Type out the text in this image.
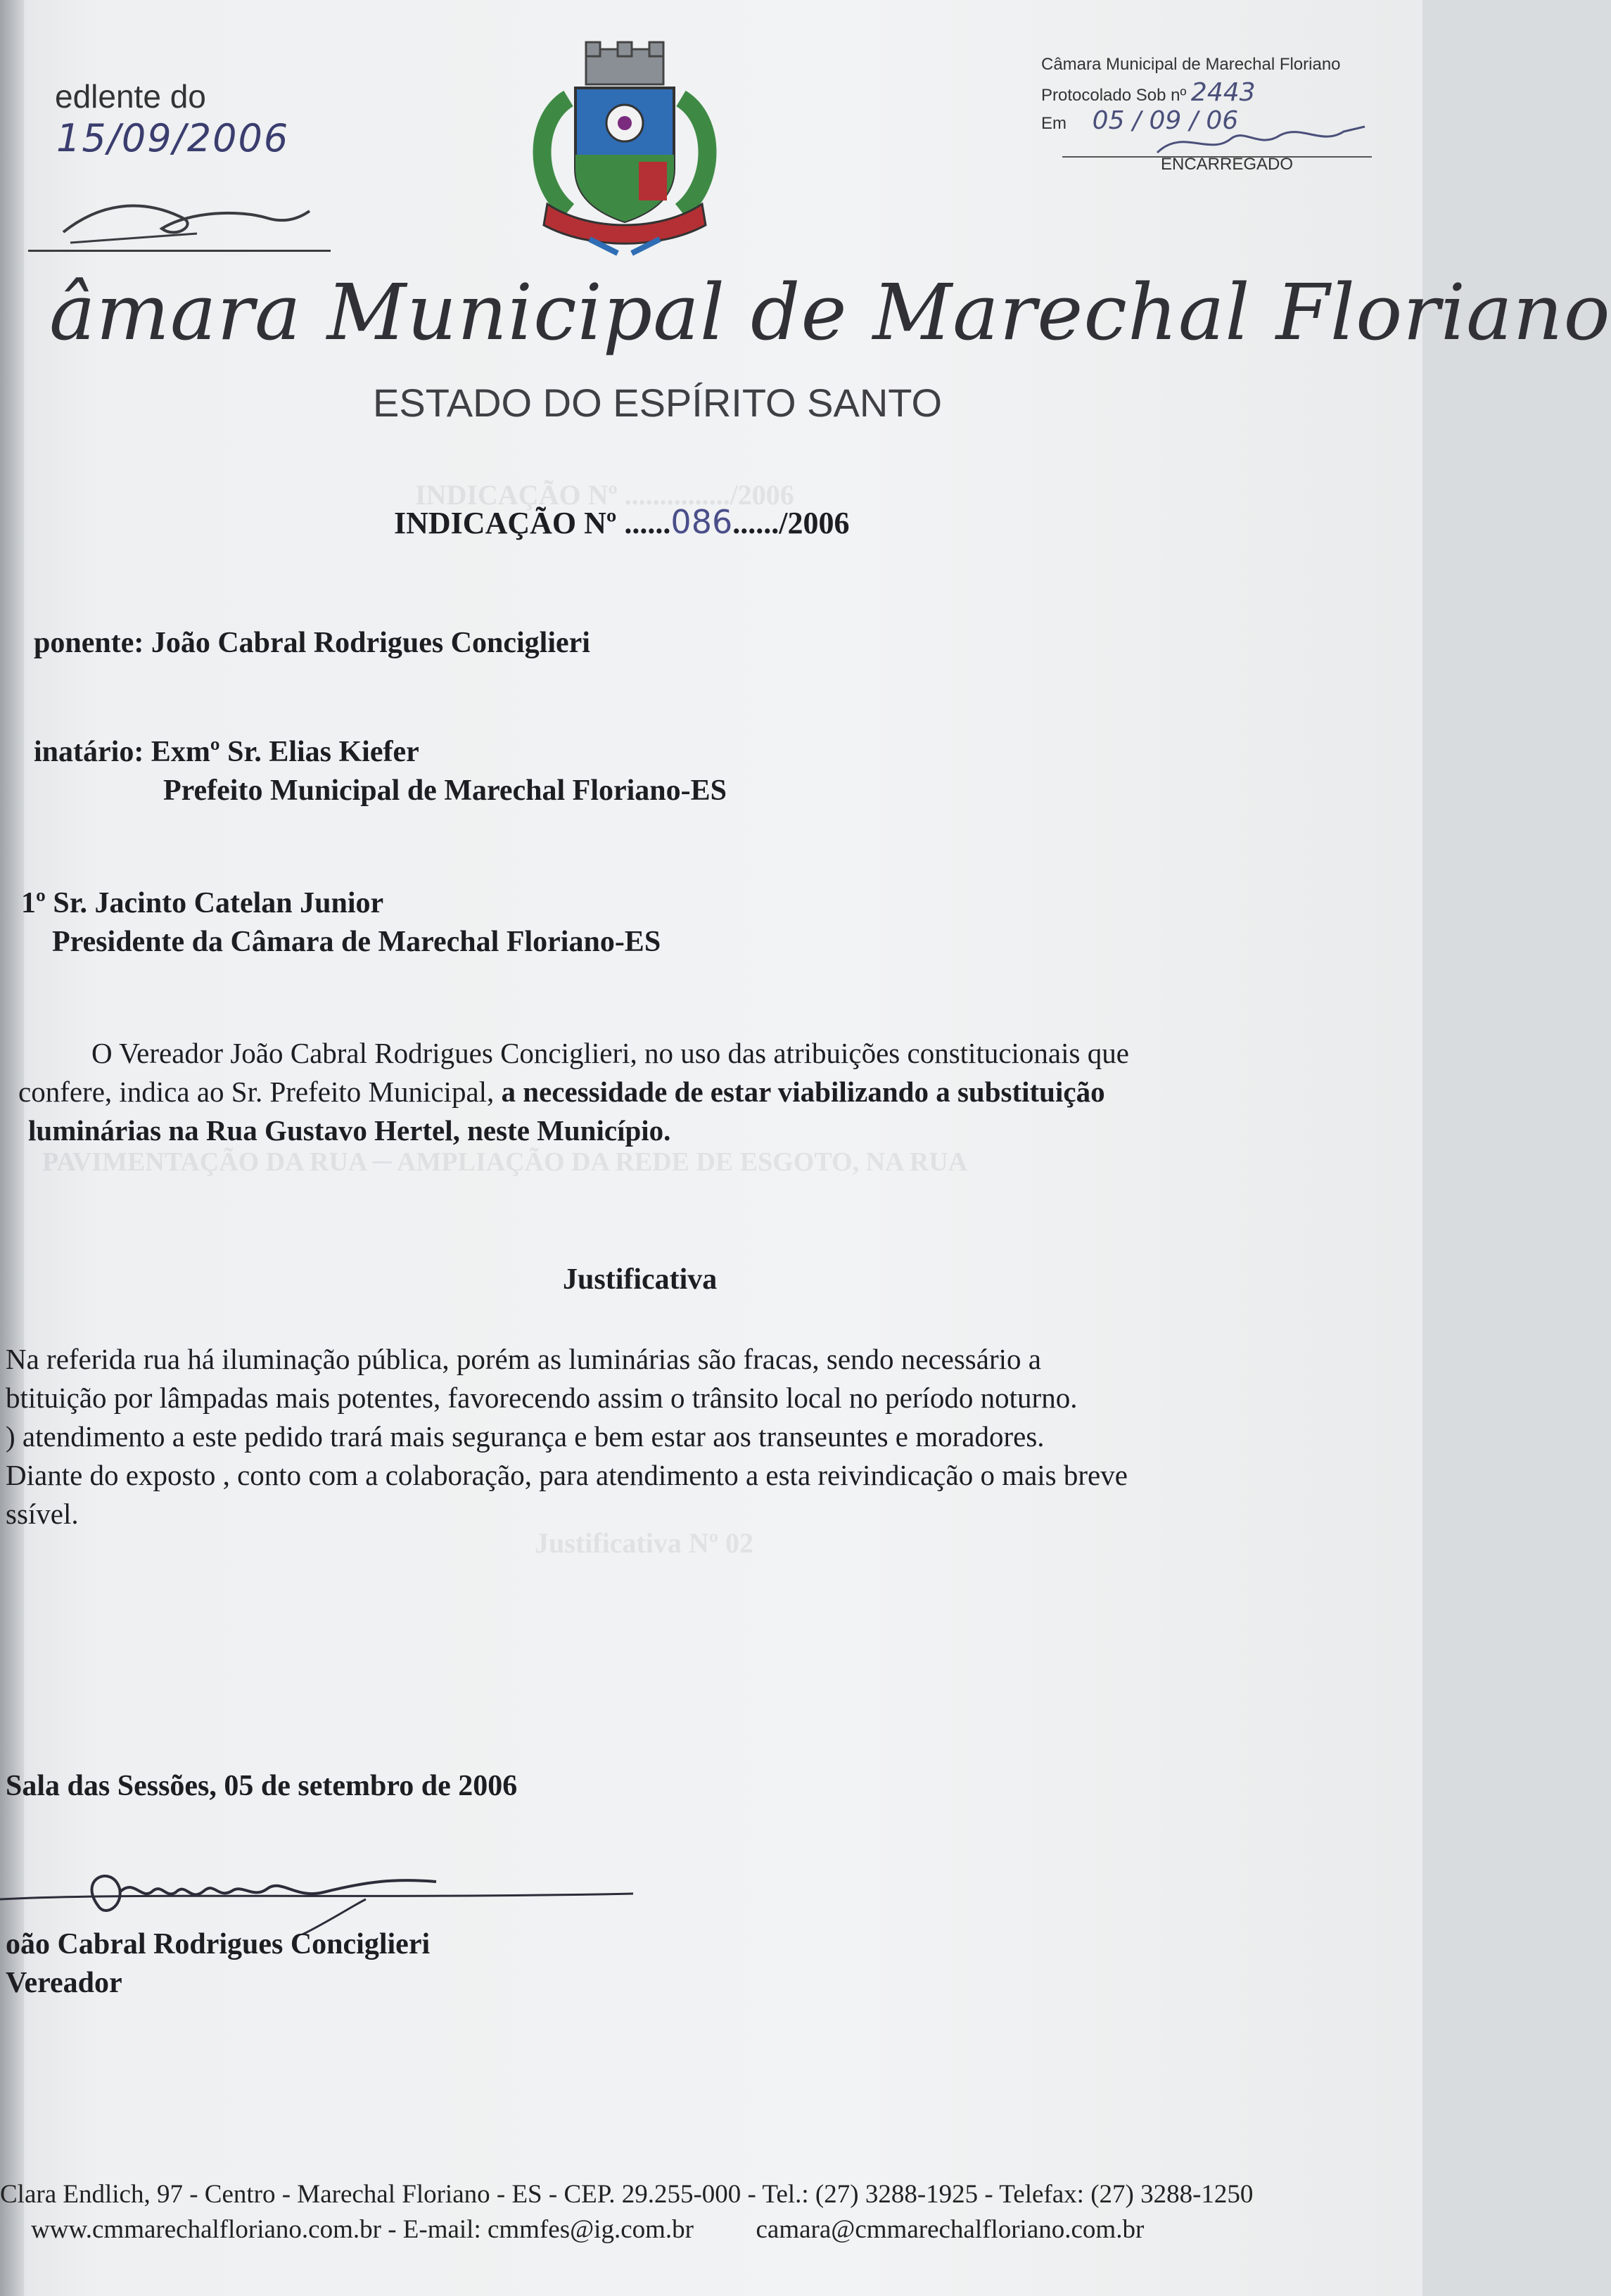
INDICAÇÃO Nº .............../2006
PAVIMENTAÇÃO DA RUA ─ AMPLIAÇÃO DA REDE DE ESGOTO, NA RUA
Justificativa Nº 02
edlente do
15/09/2006
Câmara Municipal de Marechal Floriano
Protocolado Sob nº 2443
Em 05 / 09 / 06
ENCARREGADO
âmara Municipal de Marechal Floriano
ESTADO DO ESPÍRITO SANTO
INDICAÇÃO Nº ......086....../2006
ponente: João Cabral Rodrigues Conciglieri
inatário: Exmº Sr. Elias Kiefer
Prefeito Municipal de Marechal Floriano-ES
1º Sr. Jacinto Catelan Junior
Presidente da Câmara de Marechal Floriano-ES
O Vereador João Cabral Rodrigues Conciglieri, no uso das atribuições constitucionais que
confere, indica ao Sr. Prefeito Municipal, a necessidade de estar viabilizando a substituição
luminárias na Rua Gustavo Hertel, neste Município.
Justificativa
Na referida rua há iluminação pública, porém as luminárias são fracas, sendo necessário a
btituição por lâmpadas mais potentes, favorecendo assim o trânsito local no período noturno.
) atendimento a este pedido trará mais segurança e bem estar aos transeuntes e moradores.
Diante do exposto , conto com a colaboração, para atendimento a esta reivindicação o mais breve
ssível.
Sala das Sessões, 05 de setembro de 2006
oão Cabral Rodrigues Conciglieri
Vereador
Clara Endlich, 97 - Centro - Marechal Floriano - ES - CEP. 29.255-000 - Tel.: (27) 3288-1925 - Telefax: (27) 3288-1250
www.cmmarechalfloriano.com.br - E-mail: cmmfes@ig.com.br camara@cmmarechalfloriano.com.br
